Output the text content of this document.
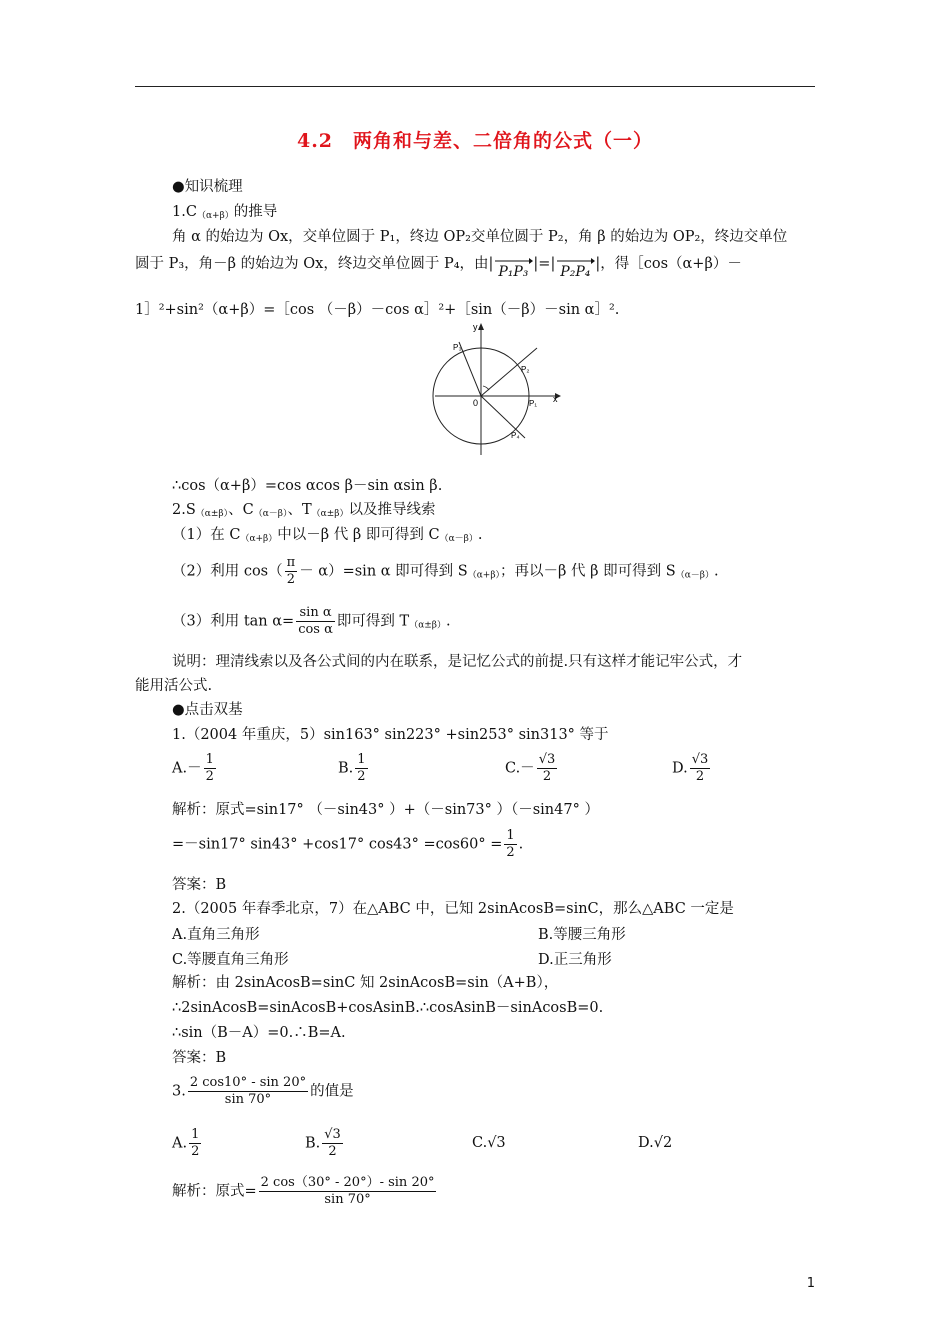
4.2　两角和与差、二倍角的公式（一）
●知识梳理
$1.C_{(\alpha+\beta)}$的推导
角 α 的始边为 Ox，交单位圆于 P₁，终边 OP₂交单位圆于 P₂，角 β 的始边为 OP₂，终边交单位
圆于 P₃，角－β 的始边为 Ox，终边交单位圆于 P₄，由| P₁P₃ |=| P₂P₄ |，得［cos（α+β）－
1］²+sin²（α+β）=［cos （－β）－cos α］²+［sin（－β）－sin α］².
y
x
0
P₃
P₂
P₁
P₄
∴cos（α+β）=cos αcos β－sin αsin β.
$2.S_{(\alpha\pm\beta)}$、$C_{(\alpha-\beta)}$、$T_{(\alpha\pm\beta)}$以及推导线索
（1）在 $C_{(\alpha+\beta)}$中以－β 代 β 即可得到 $C_{(\alpha-\beta)}$.
（2）利用 $\cos( \frac{\pi}{2} - \alpha)=\sin$ α 即可得到 $S_{(\alpha+\beta)}$；再以－β 代 β 即可得到 $S_{(\alpha-\beta)}$.
（3）利用 $\tan \alpha= \frac{\text{sin α}}{\text{cos α}}$ 即可得到 $T_{(\alpha\pm\beta)}$.
说明：理清线索以及各公式间的内在联系，是记忆公式的前提.只有这样才能记牢公式，才
能用活公式.
●点击双基
1.（2004 年重庆，5）sin163° sin223° +sin253° sin313° 等于
$A.- \frac{1}{2}$	B. $\frac{1}{2}$	$C.- \frac{√3}{2}$	D. $\frac{√3}{2}$
解析：原式=sin17° （－sin43° ）+（－sin73° ）（－sin47° ）
=－sin17° sin43° +cos17° $\cos 43^\circ =\cos 60^\circ = \frac{1}{2}$ .
答案：B
2.（2005 年春季北京，7）在△ABC 中，已知 2sinAcosB=sinC，那么△ABC 一定是
A.直角三角形	B.等腰三角形
C.等腰直角三角形	D.正三角形
解析：由 2sinAcosB=sinC 知 2sinAcosB=sin（A+B），
∴2sinAcosB=sinAcosB+cosAsinB.∴cosAsinB－sinAcosB=0.
∴sin（B－A）=0.∴B=A.
答案：B
3. $\frac{2 \cos 10^\circ - \sin 20^\circ}{\sin 70^\circ}$ 的值是
A. $\frac{1}{2}$	B. $\frac{√3}{2}$	C.√3	D.√2
解析：原式= $\frac{2 \cos(30^\circ - 20^\circ)- \sin 20^\circ}{\sin 70^\circ}$
1
